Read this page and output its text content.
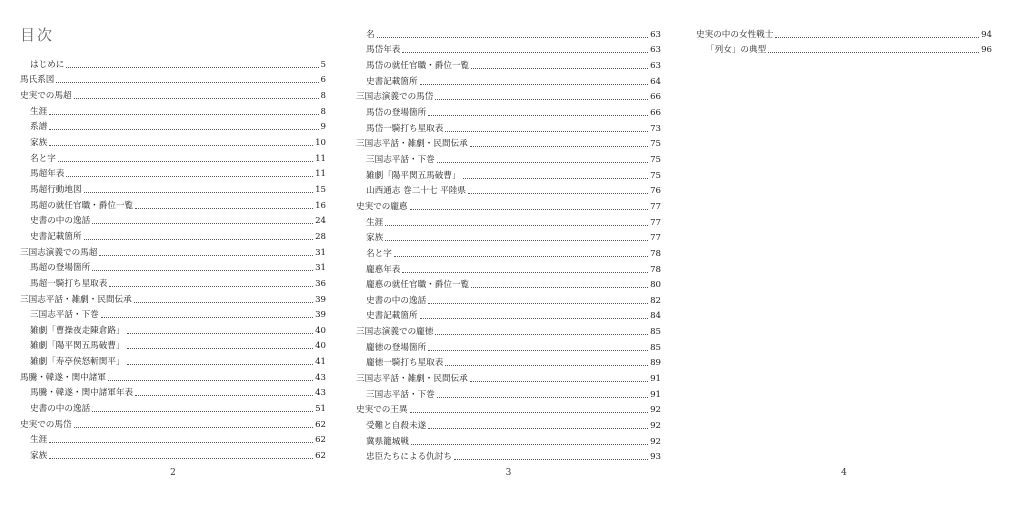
目次
はじめに	5
馬氏系図	6
史実での馬超	8
生涯	8
系譜	9
家族	10
名と字	11
馬超年表	11
馬超行動地図	15
馬超の就任官職・爵位一覧	16
史書の中の逸話	24
史書記載箇所	28
三国志演義での馬超	31
馬超の登場箇所	31
馬超一騎打ち星取表	36
三国志平話・雑劇・民間伝承	39
三国志平話・下巻	39
雑劇「曹操夜走陳倉路」	40
雑劇「陽平関五馬破曹」	40
雑劇「寿亭侯怒斬関平」	41
馬騰・韓遂・関中諸軍	43
馬騰・韓遂・関中諸軍年表	43
史書の中の逸話	51
史実での馬岱	62
生涯	62
家族	62
2
名	63
馬岱年表	63
馬岱の就任官職・爵位一覧	63
史書記載箇所	64
三国志演義での馬岱	66
馬岱の登場箇所	66
馬岱一騎打ち星取表	73
三国志平話・雑劇・民間伝承	75
三国志平話・下巻	75
雑劇「陽平関五馬破曹」	75
山西通志 巻二十七 平陸県	76
史実での龐悳	77
生涯	77
家族	77
名と字	78
龐悳年表	78
龐悳の就任官職・爵位一覧	80
史書の中の逸話	82
史書記載箇所	84
三国志演義での龐徳	85
龐徳の登場箇所	85
龐徳一騎打ち星取表	89
三国志平話・雑劇・民間伝承	91
三国志平話・下巻	91
史実での王異	92
受難と自殺未遂	92
冀県籠城戦	92
忠臣たちによる仇討ち	93
3
史実の中の女性戦士	94
「列女」の典型	96
4
